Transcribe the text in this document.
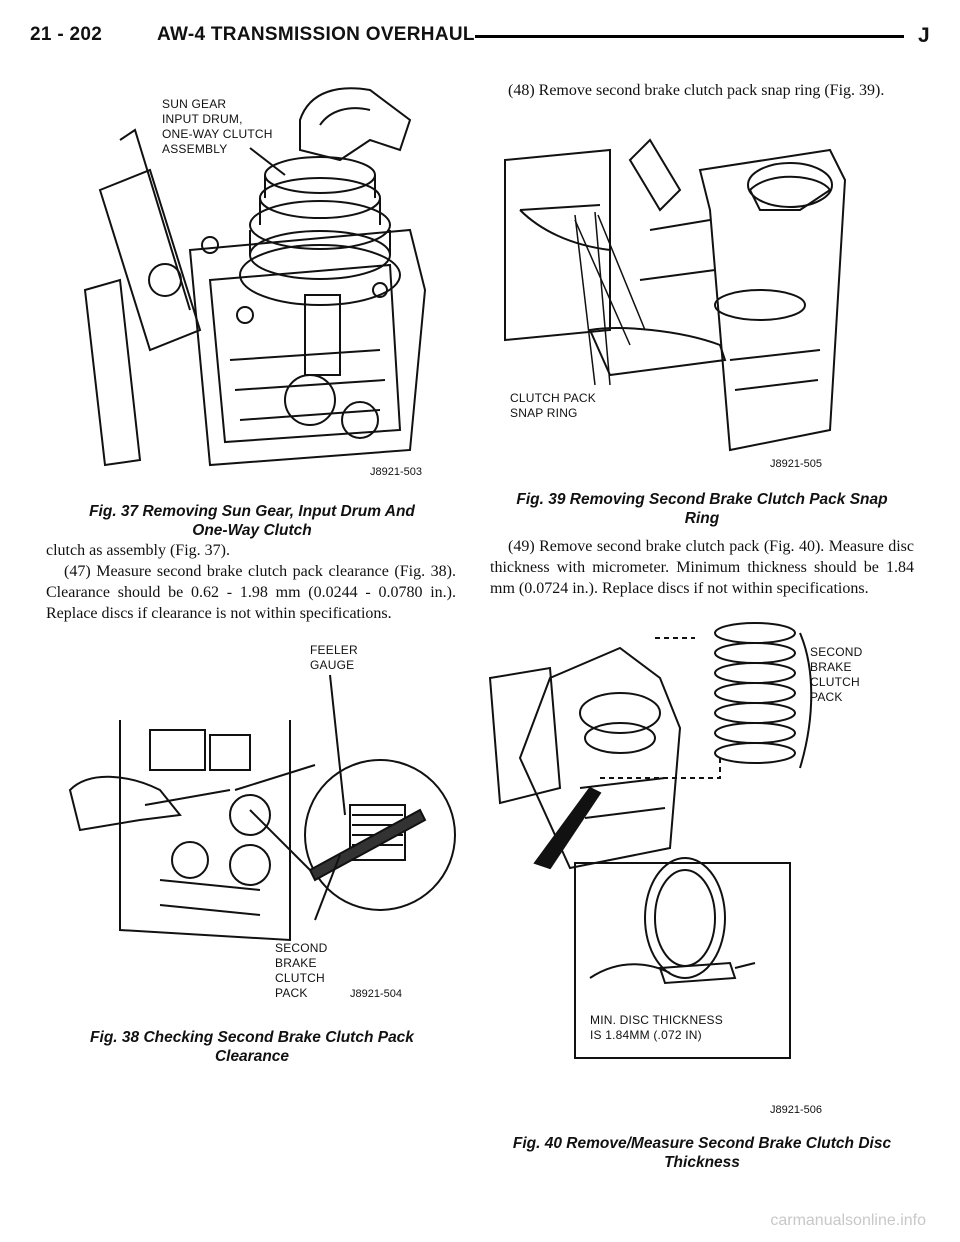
21 - 202	AW-4 TRANSMISSION OVERHAUL	J
SUN GEAR
INPUT DRUM,
ONE-WAY CLUTCH
ASSEMBLY
J8921-503
Fig. 37 Removing Sun Gear, Input Drum And
One-Way Clutch

clutch as assembly (Fig. 37).

(47) Measure second brake clutch pack clearance (Fig. 38). Clearance should be 0.62 - 1.98 mm (0.0244 - 0.0780 in.). Replace discs if clearance is not within specifications.

FEELER
GAUGE
SECOND
BRAKE
CLUTCH
PACK	J8921-504
Fig. 38 Checking Second Brake Clutch Pack
Clearance

(48) Remove second brake clutch pack snap ring (Fig. 39).

CLUTCH PACK
SNAP RING
J8921-505
Fig. 39 Removing Second Brake Clutch Pack Snap
Ring

(49) Remove second brake clutch pack (Fig. 40). Measure disc thickness with micrometer. Minimum thickness should be 1.84 mm (0.0724 in.). Replace discs if not within specifications.

SECOND
BRAKE
CLUTCH
PACK
MIN. DISC THICKNESS
IS 1.84MM (.072 IN)
J8921-506
Fig. 40 Remove/Measure Second Brake Clutch Disc
Thickness
carmanualsonline.info
